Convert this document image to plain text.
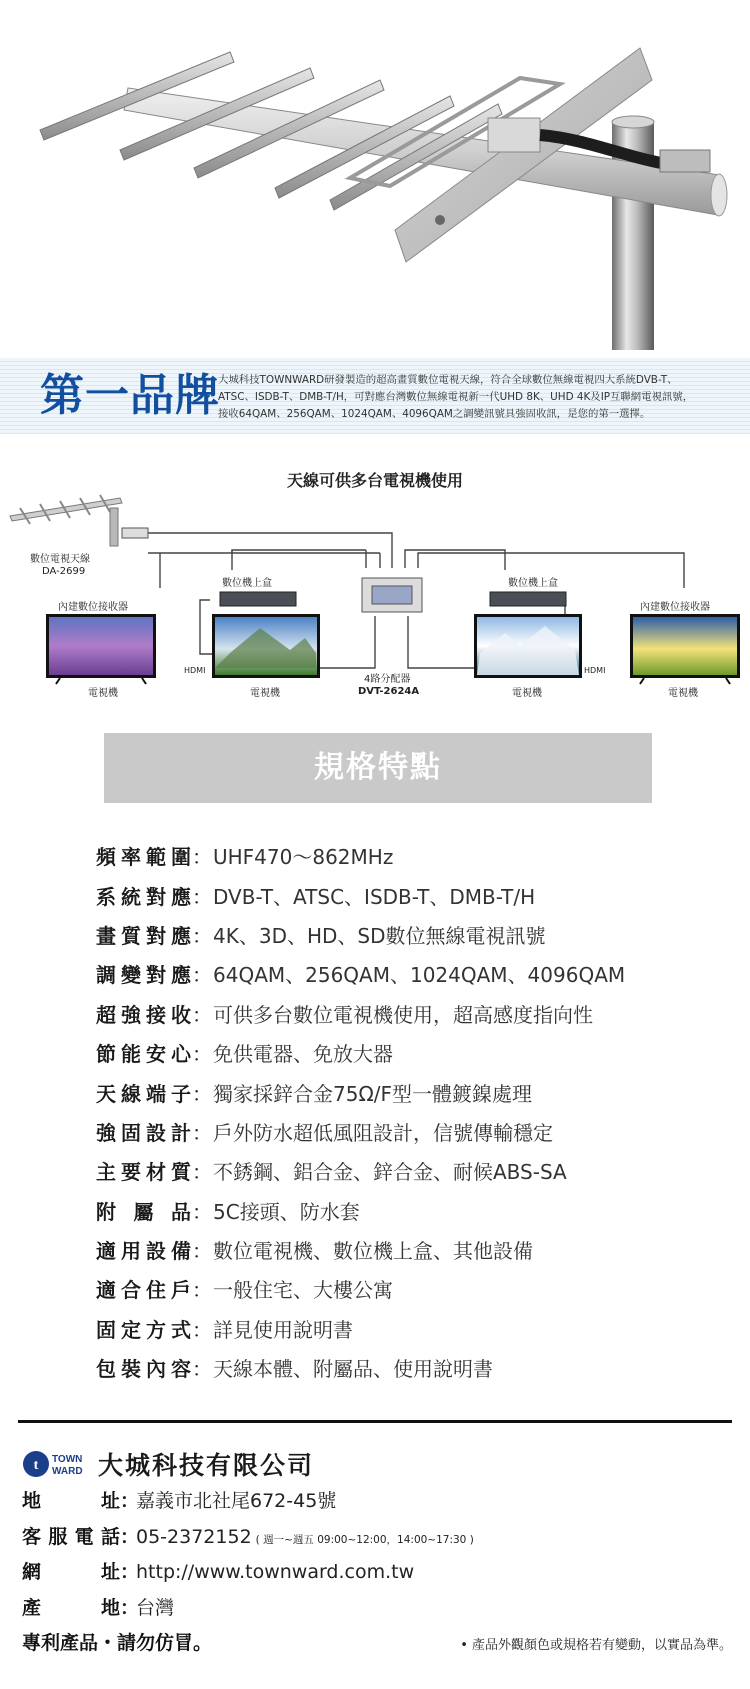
第一品牌
大城科技TOWNWARD研發製造的超高畫質數位電視天線，符合全球數位無線電視四大系統DVB-T、
ATSC、ISDB-T、DMB-T/H，可對應台灣數位無線電視新一代UHD 8K、UHD 4K及IP互聯網電視訊號，
接收64QAM、256QAM、1024QAM、4096QAM之調變訊號具強固收訊，是您的第一選擇。
天線可供多台電視機使用
數位電視天線
DA-2699
內建數位接收器	內建數位接收器
數位機上盒	數位機上盒
HDMI	HDMI
4路分配器
DVT-2624A
電視機	電視機	電視機	電視機
規格特點
頻率範圍 ： UHF470～862MHz
系統對應 ： DVB-T、ATSC、ISDB-T、DMB-T/H
畫質對應 ： 4K、3D、HD、SD數位無線電視訊號
調變對應 ： 64QAM、256QAM、1024QAM、4096QAM
超強接收 ： 可供多台數位電視機使用，超高感度指向性
節能安心 ： 免供電器、免放大器
天線端子 ： 獨家採鋅合金75Ω/F型一體鍍鎳處理
強固設計 ： 戶外防水超低風阻設計，信號傳輸穩定
主要材質 ： 不銹鋼、鋁合金、鋅合金、耐候ABS-SA
附屬品 ： 5C接頭、防水套
適用設備 ： 數位電視機、數位機上盒、其他設備
適合住戶 ： 一般住宅、大樓公寓
固定方式 ： 詳見使用說明書
包裝內容 ： 天線本體、附屬品、使用說明書
t TOWN
WARD 大城科技有限公司
地址 ：
嘉義市北社尾672-45號
客服電話 ：
05-2372152 ( 週一~週五 09:00~12:00，14:00~17:30 )
網址 ：
http://www.townward.com.tw
產地 ：
台灣
專利產品・請勿仿冒。	• 產品外觀顏色或規格若有變動，以實品為準。
